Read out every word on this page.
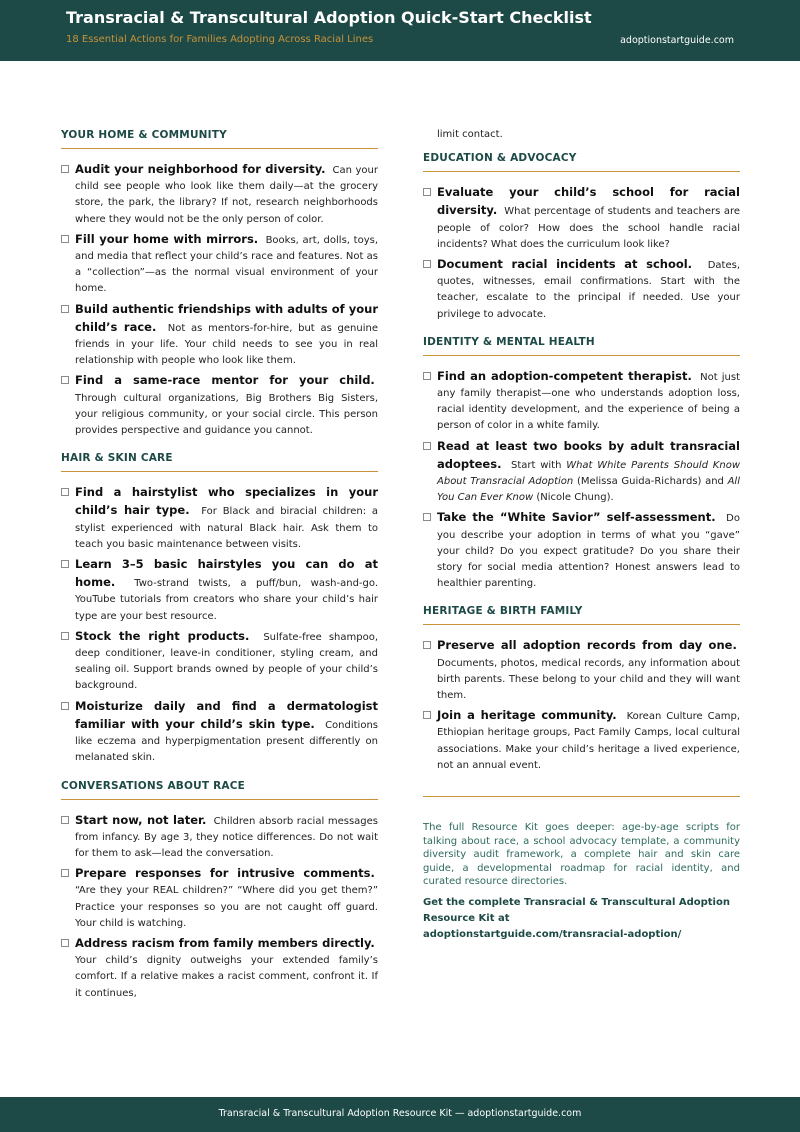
Transracial & Transcultural Adoption Quick-Start Checklist
18 Essential Actions for Families Adopting Across Racial Lines	adoptionstartguide.com
YOUR HOME & COMMUNITY
Audit your neighborhood for diversity. Can your child see people who look like them daily—at the grocery store, the park, the library? If not, research neighborhoods where they would not be the only person of color.
Fill your home with mirrors. Books, art, dolls, toys, and media that reflect your child’s race and features. Not as a “collection”—as the normal visual environment of your home.
Build authentic friendships with adults of your child’s race. Not as mentors-for-hire, but as genuine friends in your life. Your child needs to see you in real relationship with people who look like them.
Find a same-race mentor for your child.  Through cultural organizations, Big Brothers Big Sisters, your religious community, or your social circle. This person provides perspective and guidance you cannot.
HAIR & SKIN CARE
Find a hairstylist who specializes in your child’s hair type. For Black and biracial children: a stylist experienced with natural Black hair. Ask them to teach you basic maintenance between visits.
Learn 3–5 basic hairstyles you can do at home. Two-strand twists, a puff/bun, wash-and-go. YouTube tutorials from creators who share your child’s hair type are your best resource.
Stock the right products. Sulfate-free shampoo, deep conditioner, leave-in conditioner, styling cream, and sealing oil. Support brands owned by people of your child’s background.
Moisturize daily and find a dermatologist familiar with your child’s skin type. Conditions like eczema and hyperpigmentation present differently on melanated skin.
CONVERSATIONS ABOUT RACE
Start now, not later. Children absorb racial messages from infancy. By age 3, they notice differences. Do not wait for them to ask—lead the conversation.
Prepare responses for intrusive comments.  “Are they your REAL children?” “Where did you get them?” Practice your responses so you are not caught off guard. Your child is watching.
Address racism from family members directly.  Your child’s dignity outweighs your extended family’s comfort. If a relative makes a racist comment, confront it. If it continues,
limit contact.
EDUCATION & ADVOCACY
Evaluate your child’s school for racial diversity. What percentage of students and teachers are people of color? How does the school handle racial incidents? What does the curriculum look like?
Document racial incidents at school. Dates, quotes, witnesses, email confirmations. Start with the teacher, escalate to the principal if needed. Use your privilege to advocate.
IDENTITY & MENTAL HEALTH
Find an adoption-competent therapist. Not just any family therapist—one who understands adoption loss, racial identity development, and the experience of being a person of color in a white family.
Read at least two books by adult transracial adoptees. Start with What White Parents Should Know About Transracial Adoption (Melissa Guida-Richards) and All You Can Ever Know (Nicole Chung).
Take the “White Savior” self-assessment. Do you describe your adoption in terms of what you “gave” your child? Do you expect gratitude? Do you share their story for social media attention? Honest answers lead to healthier parenting.
HERITAGE & BIRTH FAMILY
Preserve all adoption records from day one.  Documents, photos, medical records, any information about birth parents. These belong to your child and they will want them.
Join a heritage community. Korean Culture Camp, Ethiopian heritage groups, Pact Family Camps, local cultural associations. Make your child’s heritage a lived experience, not an annual event.
The full Resource Kit goes deeper: age-by-age scripts for talking about race, a school advocacy template, a community diversity audit framework, a complete hair and skin care guide, a developmental roadmap for racial identity, and curated resource directories.
Get the complete Transracial & Transcultural Adoption Resource Kit at
adoptionstartguide.com/transracial-adoption/
Transracial & Transcultural Adoption Resource Kit — adoptionstartguide.com
